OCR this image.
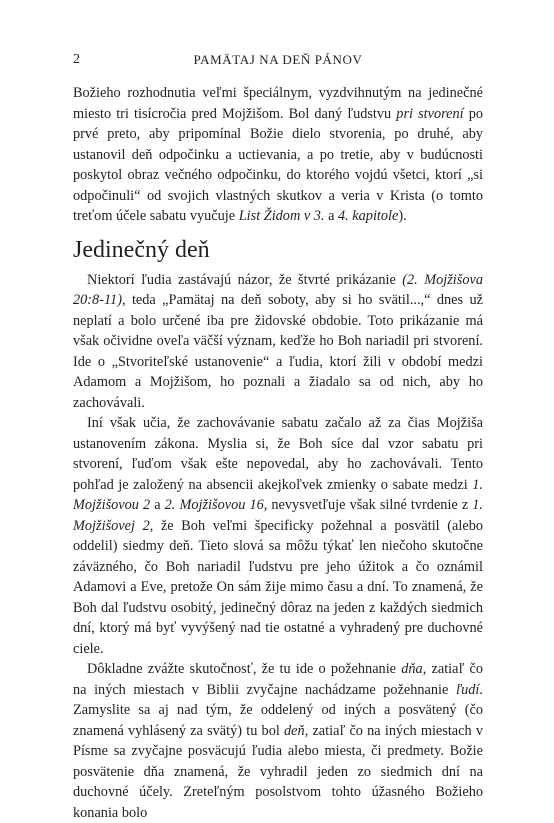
2	PAMÄTAJ NA DEŇ PÁNOV

Božieho rozhodnutia veľmi špeciálnym, vyzdvihnutým na jedinečné miesto tri tisícročia pred Mojžišom. Bol daný ľudstvu pri stvorení po prvé preto, aby pripomínal Božie dielo stvorenia, po druhé, aby ustanovil deň odpočinku a uctievania, a po tretie, aby v budúcnosti poskytol obraz večného odpočinku, do ktorého vojdú všetci, ktorí „si odpočinuli“ od svojich vlastných skutkov a veria v Krista (o tomto treťom účele sabatu vyučuje List Židom v 3. a 4. kapitole).

Jedinečný deň

Niektorí ľudia zastávajú názor, že štvrté prikázanie (2. Mojžišova 20:8-11), teda „Pamätaj na deň soboty, aby si ho svätil...,“ dnes už neplatí a bolo určené iba pre židovské obdobie. Toto prikázanie má však očividne oveľa väčší význam, keďže ho Boh nariadil pri stvorení. Ide o „Stvoriteľské ustanovenie“ a ľudia, ktorí žili v období medzi Adamom a Mojžišom, ho poznali a žiadalo sa od nich, aby ho zachovávali.

Iní však učia, že zachovávanie sabatu začalo až za čias Mojžiša ustanovením zákona. Myslia si, že Boh síce dal vzor sabatu pri stvorení, ľuďom však ešte nepovedal, aby ho zachovávali. Tento pohľad je založený na absencii akejkoľvek zmienky o sabate medzi 1. Mojžišovou 2 a 2. Mojžišovou 16, nevysvetľuje však silné tvrdenie z 1. Mojžišovej 2, že Boh veľmi špecificky požehnal a posvätil (alebo oddelil) siedmy deň. Tieto slová sa môžu týkať len niečoho skutočne záväzného, čo Boh nariadil ľudstvu pre jeho úžitok a čo oznámil Adamovi a Eve, pretože On sám žije mimo času a dní. To znamená, že Boh dal ľudstvu osobitý, jedinečný dôraz na jeden z každých siedmich dní, ktorý má byť vyvýšený nad tie ostatné a vyhradený pre duchovné ciele.

Dôkladne zvážte skutočnosť, že tu ide o požehnanie dňa, zatiaľ čo na iných miestach v Biblii zvyčajne nachádzame požehnanie ľudí. Zamyslite sa aj nad tým, že oddelený od iných a posvätený (čo znamená vyhlásený za svätý) tu bol deň, zatiaľ čo na iných miestach v Písme sa zvyčajne posväcujú ľudia alebo miesta, či predmety. Božie posvätenie dňa znamená, že vyhradil jeden zo siedmich dní na duchovné účely. Zreteľným posolstvom tohto úžasného Božieho konania bolo
